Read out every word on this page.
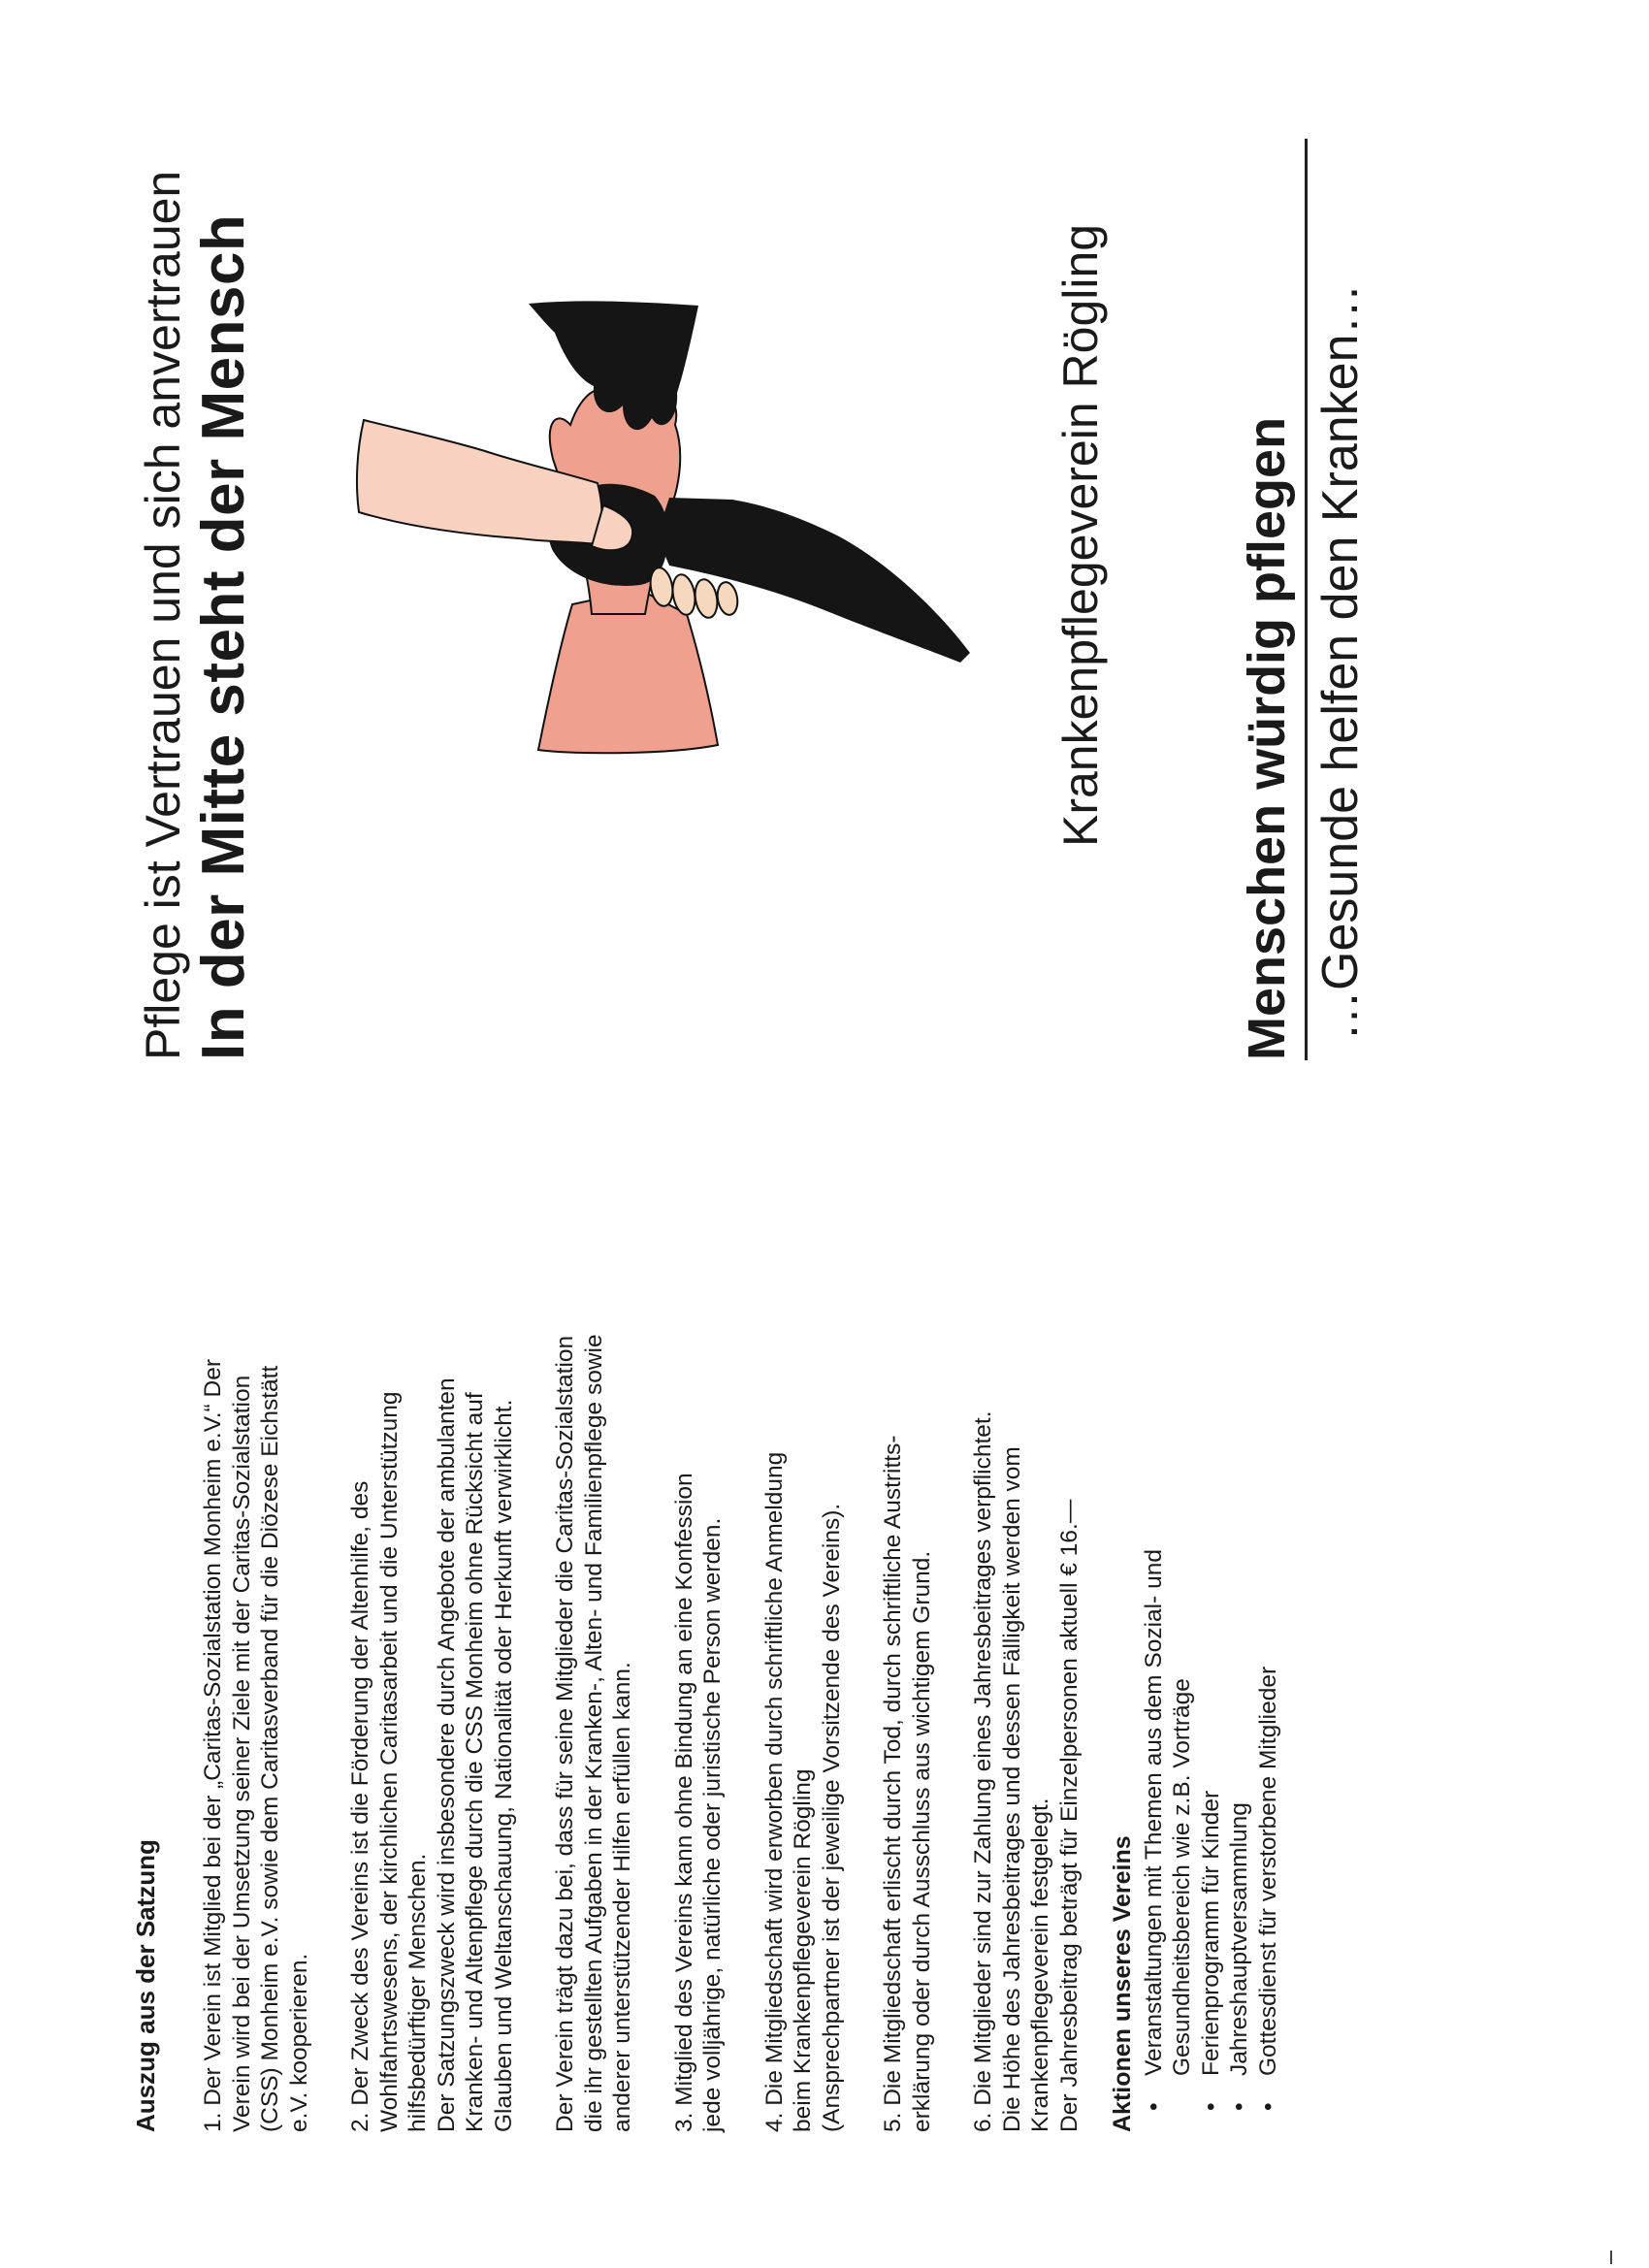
Auszug aus der Satzung 1. Der Verein ist Mitglied bei der „Caritas-Sozialstation Monheim e.V.“ Der
Verein wird bei der Umsetzung seiner Ziele mit der Caritas-Sozialstation
(CSS) Monheim e.V. sowie dem Caritasverband für die Diözese Eichstätt
e.V. kooperieren.
2. Der Zweck des Vereins ist die Förderung der Altenhilfe, des
Wohlfahrtswesens, der kirchlichen Caritasarbeit und die Unterstützung
hilfsbedürftiger Menschen.
Der Satzungszweck wird insbesondere durch Angebote der ambulanten
Kranken- und Altenpflege durch die CSS Monheim ohne Rücksicht auf
Glauben und Weltanschauung, Nationalität oder Herkunft verwirklicht.
Der Verein trägt dazu bei, dass für seine Mitglieder die Caritas-Sozialstation
die ihr gestellten Aufgaben in der Kranken-, Alten- und Familienpflege sowie
anderer unterstützender Hilfen erfüllen kann.
3. Mitglied des Vereins kann ohne Bindung an eine Konfession
jede volljährige, natürliche oder juristische Person werden.
4. Die Mitgliedschaft wird erworben durch schriftliche Anmeldung
beim Krankenpflegeverein Rögling
(Ansprechpartner ist der jeweilige Vorsitzende des Vereins).
5. Die Mitgliedschaft erlischt durch Tod, durch schriftliche Austritts-
erklärung oder durch Ausschluss aus wichtigem Grund.
6. Die Mitglieder sind zur Zahlung eines Jahresbeitrages verpflichtet.
Die Höhe des Jahresbeitrages und dessen Fälligkeit werden vom
Krankenpflegeverein festgelegt.
Der Jahresbeitrag beträgt für Einzelpersonen aktuell € 16.—
Aktionen unseres Vereins •
Veranstaltungen mit Themen aus dem Sozial- und
Gesundheitsbereich wie z.B. Vorträge
•
Ferienprogramm für Kinder
•
Jahreshauptversammlung
•
Gottesdienst für verstorbene Mitglieder
Pflege ist Vertrauen und sich anvertrauen In der Mitte steht der Mensch	Krankenpflegeverein Rögling Menschen würdig pflegen …Gesunde helfen den Kranken…
